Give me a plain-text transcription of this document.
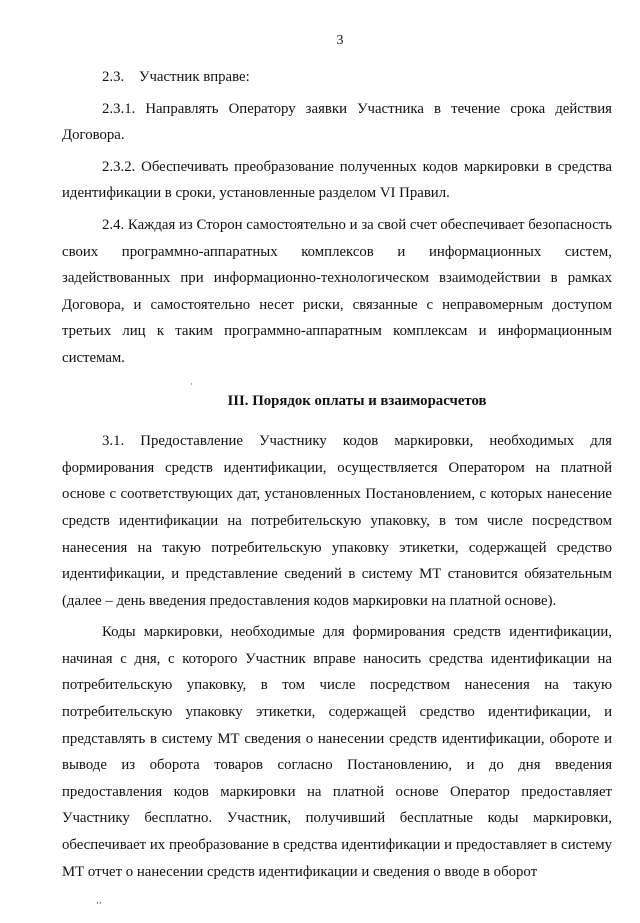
3

2.3. Участник вправе:

2.3.1. Направлять Оператору заявки Участника в течение срока действия Договора.

2.3.2. Обеспечивать преобразование полученных кодов маркировки в средства идентификации в сроки, установленные разделом VI Правил.

2.4. Каждая из Сторон самостоятельно и за свой счет обеспечивает безопасность своих программно-аппаратных комплексов и информационных систем, задействованных при информационно-технологическом взаимодействии в рамках Договора, и самостоятельно несет риски, связанные с неправомерным доступом третьих лиц к таким программно-аппаратным комплексам и информационным системам.

III. Порядок оплаты и взаиморасчетов

3.1. Предоставление Участнику кодов маркировки, необходимых для формирования средств идентификации, осуществляется Оператором на платной основе с соответствующих дат, установленных Постановлением, с которых нанесение средств идентификации на потребительскую упаковку, в том числе посредством нанесения на такую потребительскую упаковку этикетки, содержащей средство идентификации, и представление сведений в систему МТ становится обязательным (далее – день введения предоставления кодов маркировки на платной основе).

Коды маркировки, необходимые для формирования средств идентификации, начиная с дня, с которого Участник вправе наносить средства идентификации на потребительскую упаковку, в том числе посредством нанесения на такую потребительскую упаковку этикетки, содержащей средство идентификации, и представлять в систему МТ сведения о нанесении средств идентификации, обороте и выводе из оборота товаров согласно Постановлению, и до дня введения предоставления кодов маркировки на платной основе Оператор предоставляет Участнику бесплатно. Участник, получивший бесплатные коды маркировки, обеспечивает их преобразование в средства идентификации и предоставляет в систему МТ отчет о нанесении средств идентификации и сведения о вводе в оборот

·
,,
